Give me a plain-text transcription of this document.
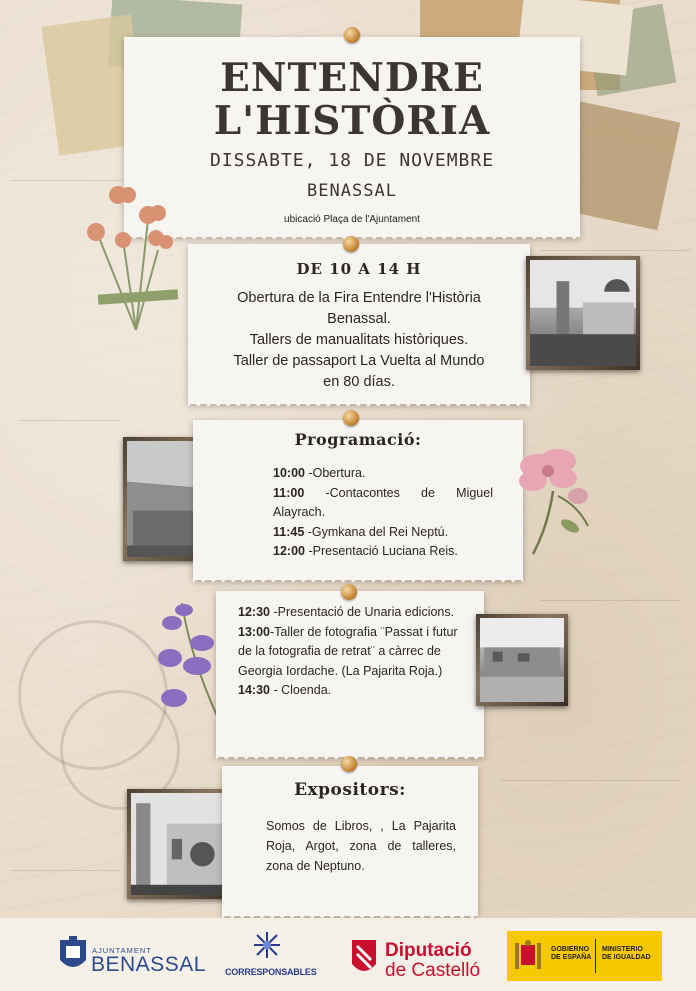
ENTENDRE
L'HISTÒRIA
DISSABTE, 18 DE NOVEMBRE
BENASSAL
ubicació Plaça de l'Ajuntament
DE 10 A 14 H
Obertura de la Fira Entendre l'Història
Benassal.
Tallers de manualitats històriques.
Taller de passaport La Vuelta al Mundo
en 80 días.
Programació:
10:00 -Obertura.
11:00 -Contacontes de Miguel Alayrach.
11:45 -Gymkana del Rei Neptú.
12:00 -Presentació Luciana Reis.
12:30 -Presentació de Unaria edicions.
13:00-Taller de fotografia ¨Passat i futur de la fotografia de retrat¨ a càrrec de Georgia Iordache. (La Pajarita Roja.)
14:30 - Cloenda.
Expositors:
Somos de Libros, , La Pajarita Roja, Argot, zona de talleres, zona de Neptuno.
AJUNTAMENT
BENASSAL CORRESPONSABLES
Diputació
de Castelló
GOBIERNO
DE ESPAÑA
MINISTERIO
DE IGUALDAD
